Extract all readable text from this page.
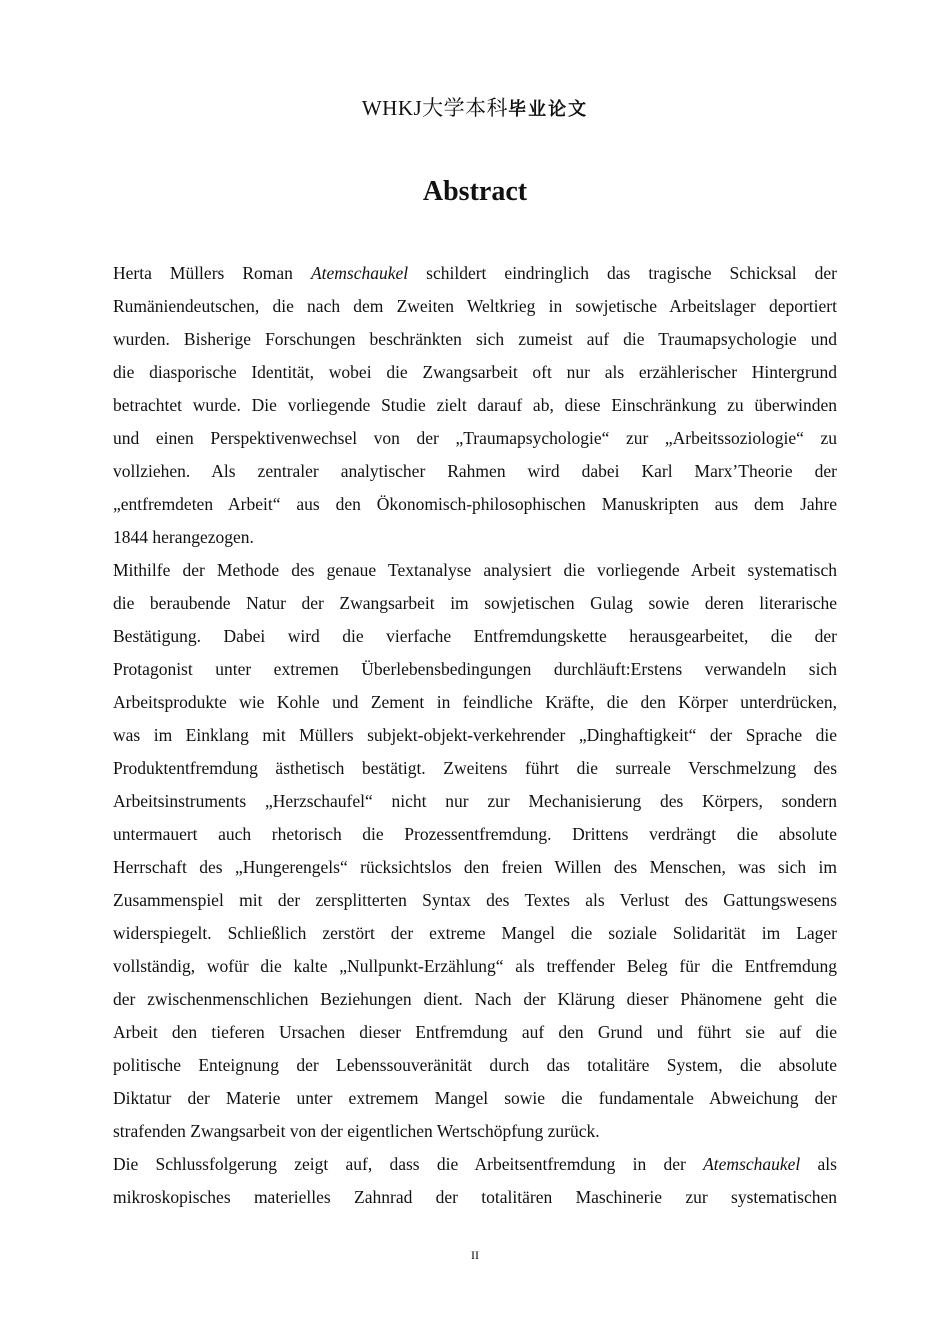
WHKJ大学本科毕业论文
Abstract
Herta Müllers Roman Atemschaukel schildert eindringlich das tragische Schicksal der
Rumäniendeutschen, die nach dem Zweiten Weltkrieg in sowjetische Arbeitslager deportiert
wurden. Bisherige Forschungen beschränkten sich zumeist auf die Traumapsychologie und
die diasporische Identität, wobei die Zwangsarbeit oft nur als erzählerischer Hintergrund
betrachtet wurde. Die vorliegende Studie zielt darauf ab, diese Einschränkung zu überwinden
und einen Perspektivenwechsel von der „Traumapsychologie“ zur „Arbeitssoziologie“ zu
vollziehen. Als zentraler analytischer Rahmen wird dabei Karl Marx’Theorie der
„entfremdeten Arbeit“ aus den Ökonomisch-philosophischen Manuskripten aus dem Jahre
1844 herangezogen.
Mithilfe der Methode des genaue Textanalyse analysiert die vorliegende Arbeit systematisch
die beraubende Natur der Zwangsarbeit im sowjetischen Gulag sowie deren literarische
Bestätigung. Dabei wird die vierfache Entfremdungskette herausgearbeitet, die der
Protagonist unter extremen Überlebensbedingungen durchläuft:Erstens verwandeln sich
Arbeitsprodukte wie Kohle und Zement in feindliche Kräfte, die den Körper unterdrücken,
was im Einklang mit Müllers subjekt-objekt-verkehrender „Dinghaftigkeit“ der Sprache die
Produktentfremdung ästhetisch bestätigt. Zweitens führt die surreale Verschmelzung des
Arbeitsinstruments „Herzschaufel“ nicht nur zur Mechanisierung des Körpers, sondern
untermauert auch rhetorisch die Prozessentfremdung. Drittens verdrängt die absolute
Herrschaft des „Hungerengels“ rücksichtslos den freien Willen des Menschen, was sich im
Zusammenspiel mit der zersplitterten Syntax des Textes als Verlust des Gattungswesens
widerspiegelt. Schließlich zerstört der extreme Mangel die soziale Solidarität im Lager
vollständig, wofür die kalte „Nullpunkt-Erzählung“ als treffender Beleg für die Entfremdung
der zwischenmenschlichen Beziehungen dient. Nach der Klärung dieser Phänomene geht die
Arbeit den tieferen Ursachen dieser Entfremdung auf den Grund und führt sie auf die
politische Enteignung der Lebenssouveränität durch das totalitäre System, die absolute
Diktatur der Materie unter extremem Mangel sowie die fundamentale Abweichung der
strafenden Zwangsarbeit von der eigentlichen Wertschöpfung zurück.
Die Schlussfolgerung zeigt auf, dass die Arbeitsentfremdung in der Atemschaukel als
mikroskopisches materielles Zahnrad der totalitären Maschinerie zur systematischen
II
